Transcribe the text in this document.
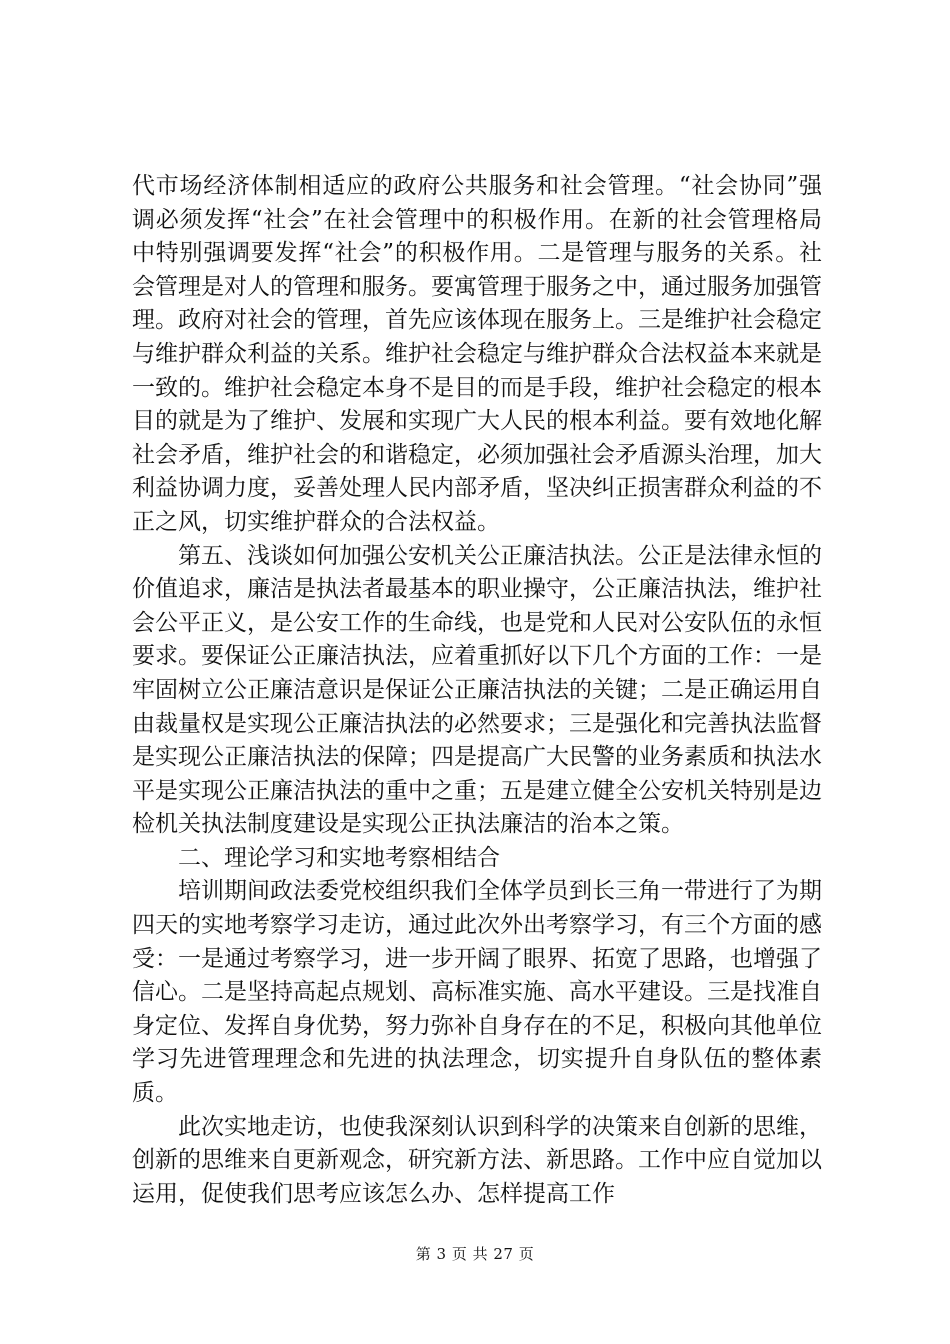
代市场经济体制相适应的政府公共服务和社会管理。“社会协同”强调必须发挥“社会”在社会管理中的积极作用。在新的社会管理格局中特别强调要发挥“社会”的积极作用。二是管理与服务的关系。社会管理是对人的管理和服务。要寓管理于服务之中，通过服务加强管理。政府对社会的管理，首先应该体现在服务上。三是维护社会稳定与维护群众利益的关系。维护社会稳定与维护群众合法权益本来就是一致的。维护社会稳定本身不是目的而是手段，维护社会稳定的根本目的就是为了维护、发展和实现广大人民的根本利益。要有效地化解社会矛盾，维护社会的和谐稳定，必须加强社会矛盾源头治理，加大利益协调力度，妥善处理人民内部矛盾，坚决纠正损害群众利益的不正之风，切实维护群众的合法权益。

第五、浅谈如何加强公安机关公正廉洁执法。公正是法律永恒的价值追求，廉洁是执法者最基本的职业操守，公正廉洁执法，维护社会公平正义，是公安工作的生命线，也是党和人民对公安队伍的永恒要求。要保证公正廉洁执法，应着重抓好以下几个方面的工作：一是牢固树立公正廉洁意识是保证公正廉洁执法的关键；二是正确运用自由裁量权是实现公正廉洁执法的必然要求；三是强化和完善执法监督是实现公正廉洁执法的保障；四是提高广大民警的业务素质和执法水平是实现公正廉洁执法的重中之重；五是建立健全公安机关特别是边检机关执法制度建设是实现公正执法廉洁的治本之策。

二、理论学习和实地考察相结合

培训期间政法委党校组织我们全体学员到长三角一带进行了为期四天的实地考察学习走访，通过此次外出考察学习，有三个方面的感受：一是通过考察学习，进一步开阔了眼界、拓宽了思路，也增强了信心。二是坚持高起点规划、高标准实施、高水平建设。三是找准自身定位、发挥自身优势，努力弥补自身存在的不足，积极向其他单位学习先进管理理念和先进的执法理念，切实提升自身队伍的整体素质。

此次实地走访，也使我深刻认识到科学的决策来自创新的思维，创新的思维来自更新观念，研究新方法、新思路。工作中应自觉加以运用，促使我们思考应该怎么办、怎样提高工作

第 3 页 共 27 页
